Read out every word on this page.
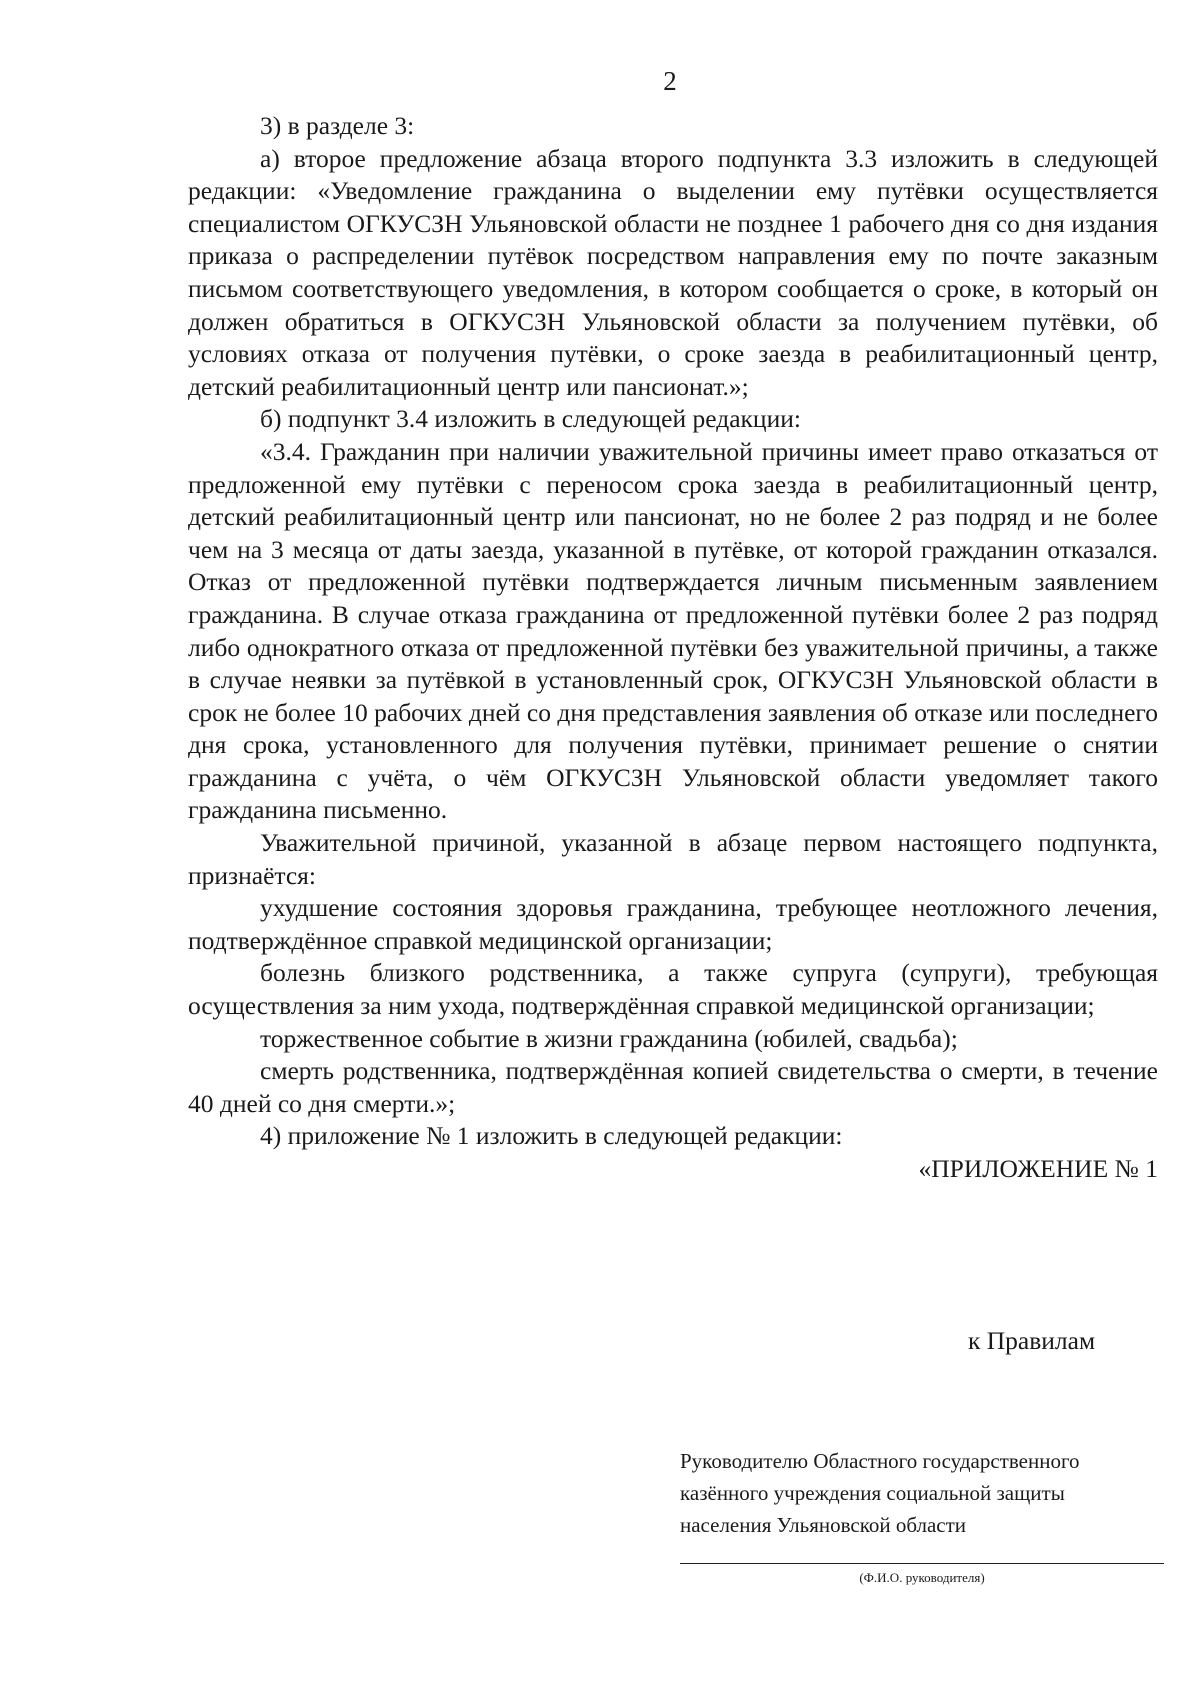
2

3) в разделе 3:

а) второе предложение абзаца второго подпункта 3.3 изложить в следующей редакции: «Уведомление гражданина о выделении ему путёвки осуществляется специалистом ОГКУСЗН Ульяновской области не позднее 1 рабочего дня со дня издания приказа о распределении путёвок посредством направления ему по почте заказным письмом соответствующего уведомления, в котором сообщается о сроке, в который он должен обратиться в ОГКУСЗН Ульяновской области за получением путёвки, об условиях отказа от получения путёвки, о сроке заезда в реабилитационный центр, детский реабилитационный центр или пансионат.»;

б) подпункт 3.4 изложить в следующей редакции:

«3.4. Гражданин при наличии уважительной причины имеет право отказаться от предложенной ему путёвки с переносом срока заезда в реабилитационный центр, детский реабилитационный центр или пансионат, но не более 2 раз подряд и не более чем на 3 месяца от даты заезда, указанной в путёвке, от которой гражданин отказался. Отказ от предложенной путёвки подтверждается личным письменным заявлением гражданина. В случае отказа гражданина от предложенной путёвки более 2 раз подряд либо однократного отказа от предложенной путёвки без уважительной причины, а также в случае неявки за путёвкой в установленный срок, ОГКУСЗН Ульяновской области в срок не более 10 рабочих дней со дня представления заявления об отказе или последнего дня срока, установленного для получения путёвки, принимает решение о снятии гражданина с учёта, о чём ОГКУСЗН Ульяновской области уведомляет такого гражданина письменно.

Уважительной причиной, указанной в абзаце первом настоящего подпункта, признаётся:

ухудшение состояния здоровья гражданина, требующее неотложного лечения, подтверждённое справкой медицинской организации;

болезнь близкого родственника, а также супруга (супруги), требующая осуществления за ним ухода, подтверждённая справкой медицинской организации;

торжественное событие в жизни гражданина (юбилей, свадьба);

смерть родственника, подтверждённая копией свидетельства о смерти, в течение 40 дней со дня смерти.»;

4) приложение № 1 изложить в следующей редакции:

«ПРИЛОЖЕНИЕ № 1

к Правилам
Руководителю Областного государственного
казённого учреждения социальной защиты
населения Ульяновской области
(Ф.И.О. руководителя)
